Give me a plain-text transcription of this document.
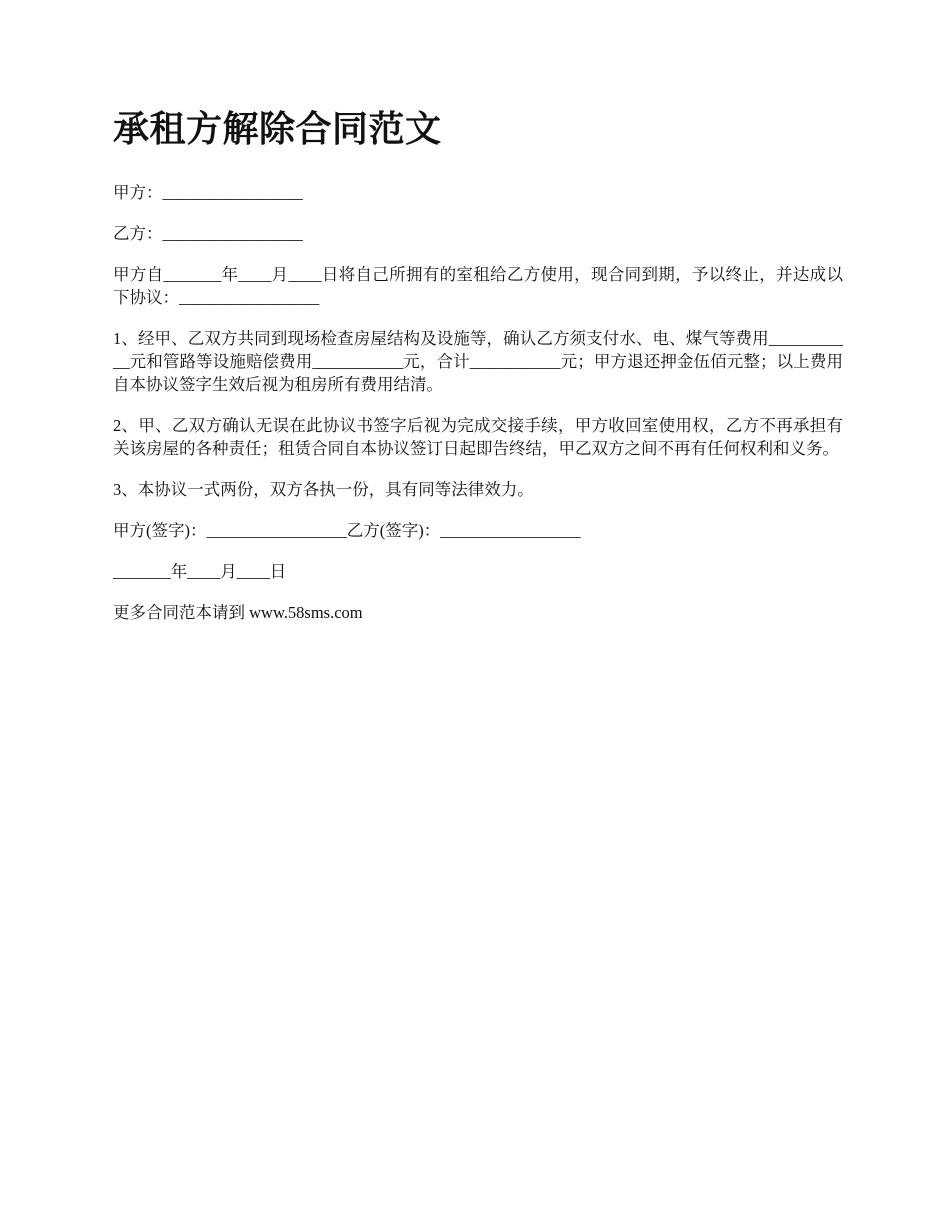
承租方解除合同范文

甲方：_________________

乙方：_________________

甲方自_______年____月____日将自己所拥有的室租给乙方使用，现合同到期，予以终止，并达成以下协议：_________________

1、经甲、乙双方共同到现场检查房屋结构及设施等，确认乙方须支付水、电、煤气等费用___________元和管路等设施赔偿费用___________元，合计___________元；甲方退还押金伍佰元整；以上费用自本协议签字生效后视为租房所有费用结清。

2、甲、乙双方确认无误在此协议书签字后视为完成交接手续，甲方收回室使用权，乙方不再承担有关该房屋的各种责任；租赁合同自本协议签订日起即告终结，甲乙双方之间不再有任何权利和义务。

3、本协议一式两份，双方各执一份，具有同等法律效力。

甲方(签字)：_________________乙方(签字)：_________________

_______年____月____日

更多合同范本请到 www.58sms.com
